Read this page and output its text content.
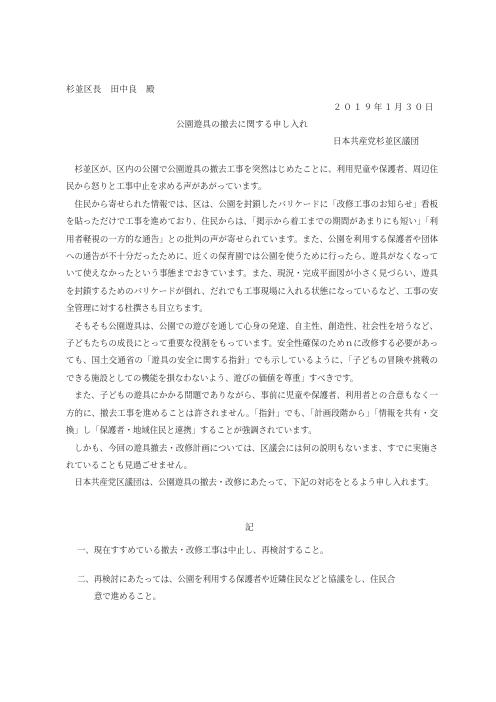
杉並区長　田中良　殿
２０１９年１月３０日
公園遊具の撤去に関する申し入れ
日本共産党杉並区議団

杉並区が、区内の公園で公園遊具の撤去工事を突然はじめたことに、利用児童や保護者、周辺住民から怒りと工事中止を求める声があがっています。

住民から寄せられた情報では、区は、公園を封鎖したバリケードに「改修工事のお知らせ」看板を貼っただけで工事を進めており、住民からは、「掲示から着工までの期間があまりにも短い」「利用者軽視の一方的な通告」との批判の声が寄せられています。また、公園を利用する保護者や団体への通告が不十分だったために、近くの保育園では公園を使うために行ったら、遊具がなくなっていて使えなかったという事態までおきています。また、現況・完成平面図が小さく見づらい、遊具を封鎖するためのバリケードが倒れ、だれでも工事現場に入れる状態になっているなど、工事の安全管理に対する杜撰さも目立ちます。

そもそも公園遊具は、公園での遊びを通して心身の発達、自主性、創造性、社会性を培うなど、子どもたちの成長にとって重要な役割をもっています。安全性確保のためｎに改修する必要があっても、国土交通省の「遊具の安全に関する指針」でも示しているように、「子どもの冒険や挑戦のできる施設としての機能を損なわないよう、遊びの価値を尊重」すべきです。

また、子どもの遊具にかかる問題でありながら、事前に児童や保護者、利用者との合意もなく一方的に、撤去工事を進めることは許されません。「指針」でも、「計画段階から」「情報を共有・交換」し「保護者・地域住民と連携」することが強調されています。

しかも、今回の遊具撤去・改修計画については、区議会には何の説明もないまま、すでに実施されていることも見過ごせません。

日本共産党区議団は、公園遊具の撤去・改修にあたって、下記の対応をとるよう申し入れます。

記
一、現在すすめている撤去・改修工事は中止し、再検討すること。
二、再検討にあたっては、公園を利用する保護者や近隣住民などと協議をし、住民合
意で進めること。
